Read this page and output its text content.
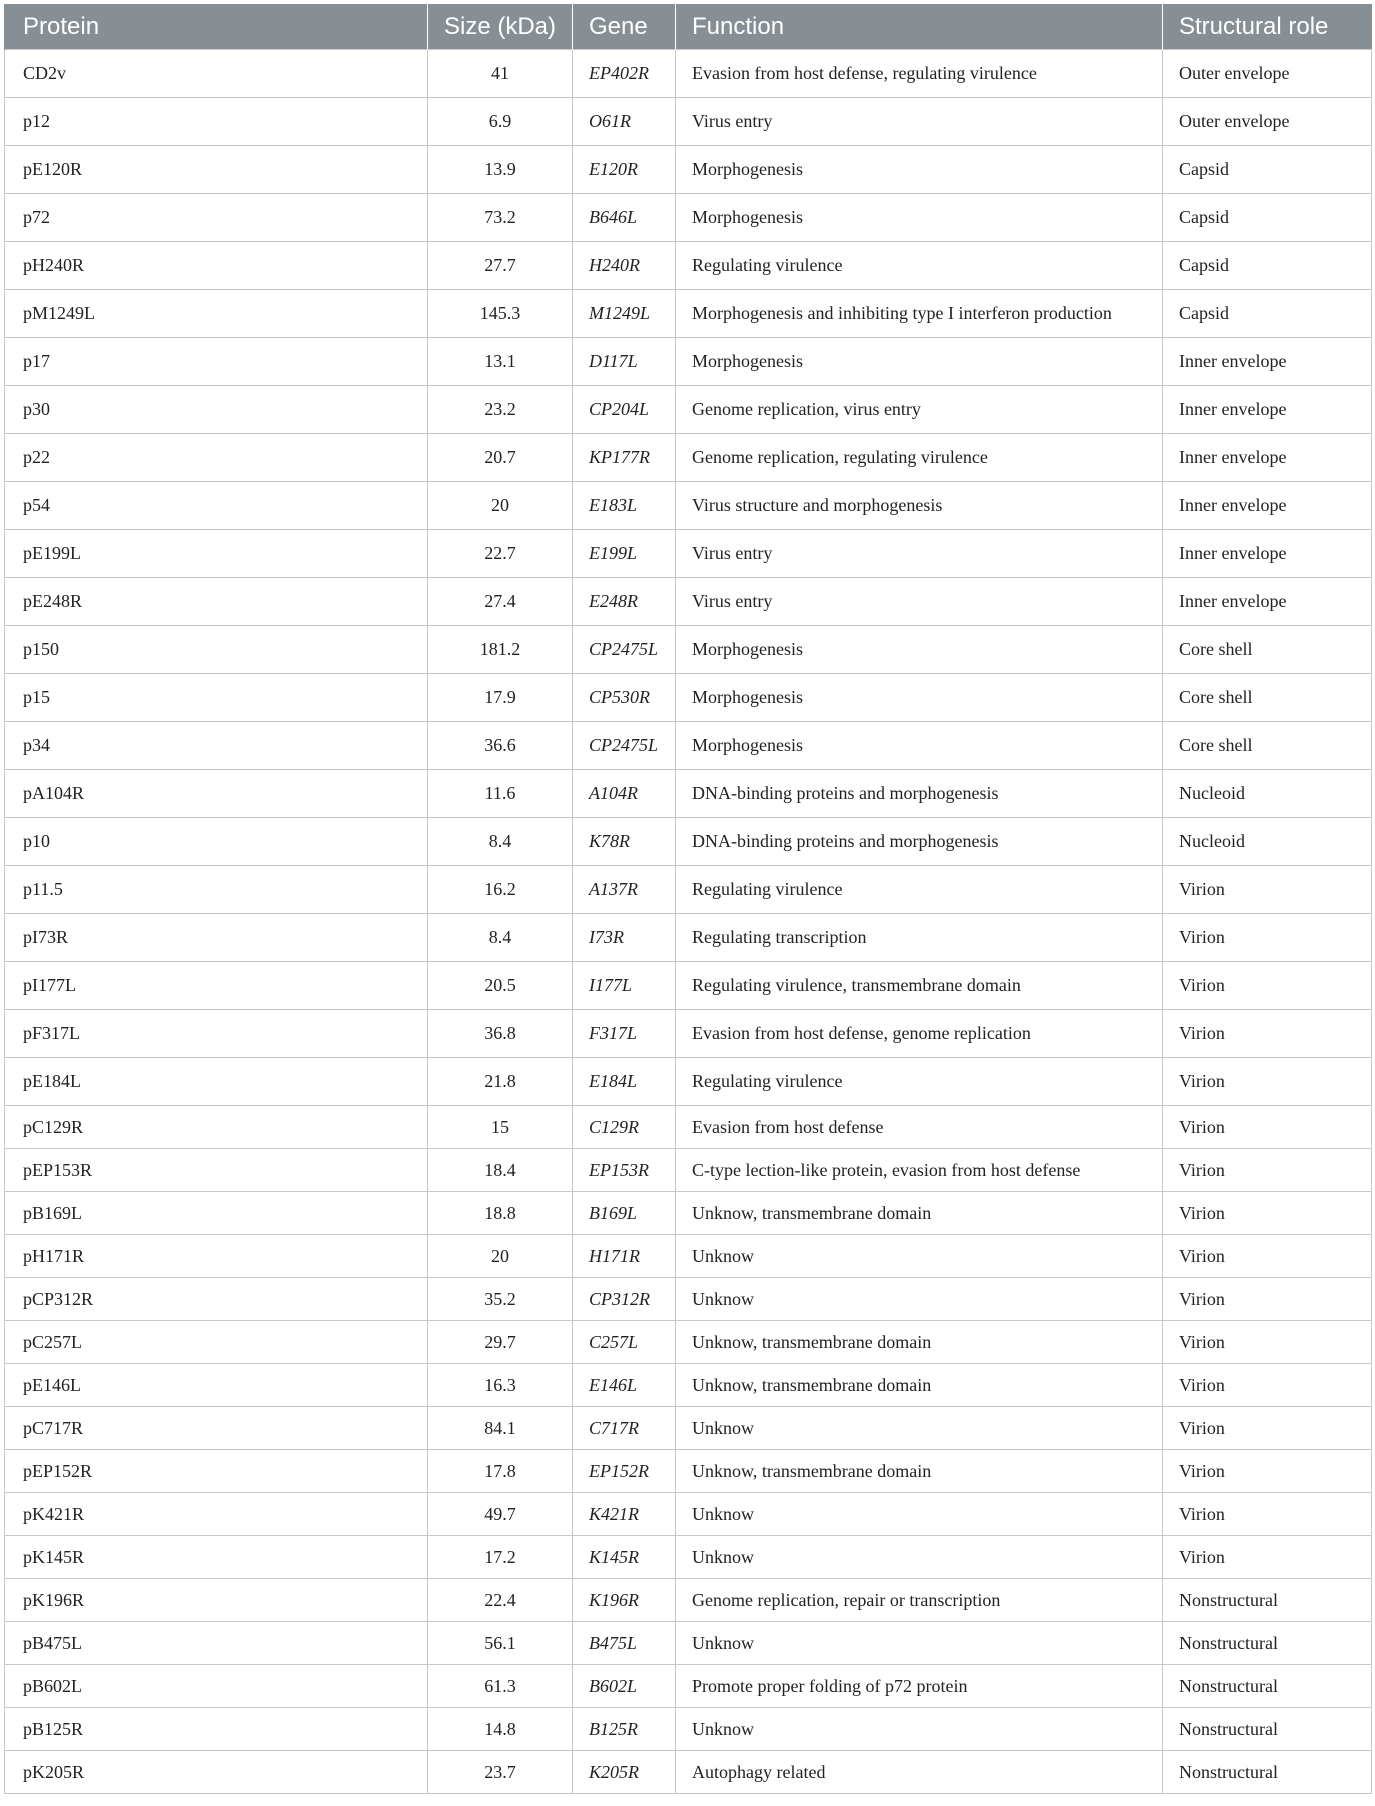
Protein	Size (kDa)	Gene	Function	Structural role
CD2v	41	EP402R	Evasion from host defense, regulating virulence	Outer envelope
p12	6.9	O61R	Virus entry	Outer envelope
pE120R	13.9	E120R	Morphogenesis	Capsid
p72	73.2	B646L	Morphogenesis	Capsid
pH240R	27.7	H240R	Regulating virulence	Capsid
pM1249L	145.3	M1249L	Morphogenesis and inhibiting type I interferon production	Capsid
p17	13.1	D117L	Morphogenesis	Inner envelope
p30	23.2	CP204L	Genome replication, virus entry	Inner envelope
p22	20.7	KP177R	Genome replication, regulating virulence	Inner envelope
p54	20	E183L	Virus structure and morphogenesis	Inner envelope
pE199L	22.7	E199L	Virus entry	Inner envelope
pE248R	27.4	E248R	Virus entry	Inner envelope
p150	181.2	CP2475L	Morphogenesis	Core shell
p15	17.9	CP530R	Morphogenesis	Core shell
p34	36.6	CP2475L	Morphogenesis	Core shell
pA104R	11.6	A104R	DNA-binding proteins and morphogenesis	Nucleoid
p10	8.4	K78R	DNA-binding proteins and morphogenesis	Nucleoid
p11.5	16.2	A137R	Regulating virulence	Virion
pI73R	8.4	I73R	Regulating transcription	Virion
pI177L	20.5	I177L	Regulating virulence, transmembrane domain	Virion
pF317L	36.8	F317L	Evasion from host defense, genome replication	Virion
pE184L	21.8	E184L	Regulating virulence	Virion
pC129R	15	C129R	Evasion from host defense	Virion
pEP153R	18.4	EP153R	C-type lection-like protein, evasion from host defense	Virion
pB169L	18.8	B169L	Unknow, transmembrane domain	Virion
pH171R	20	H171R	Unknow	Virion
pCP312R	35.2	CP312R	Unknow	Virion
pC257L	29.7	C257L	Unknow, transmembrane domain	Virion
pE146L	16.3	E146L	Unknow, transmembrane domain	Virion
pC717R	84.1	C717R	Unknow	Virion
pEP152R	17.8	EP152R	Unknow, transmembrane domain	Virion
pK421R	49.7	K421R	Unknow	Virion
pK145R	17.2	K145R	Unknow	Virion
pK196R	22.4	K196R	Genome replication, repair or transcription	Nonstructural
pB475L	56.1	B475L	Unknow	Nonstructural
pB602L	61.3	B602L	Promote proper folding of p72 protein	Nonstructural
pB125R	14.8	B125R	Unknow	Nonstructural
pK205R	23.7	K205R	Autophagy related	Nonstructural
